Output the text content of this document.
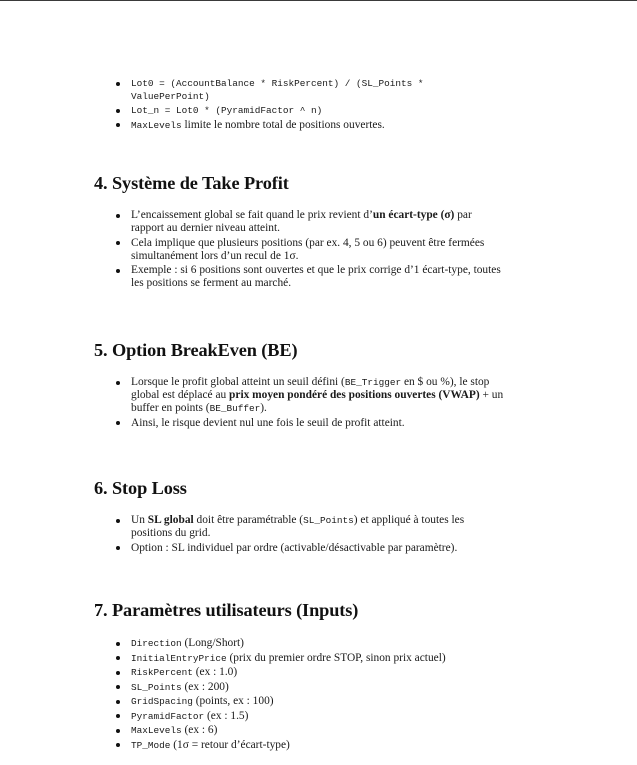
Lot0 = (AccountBalance * RiskPercent) / (SL_Points *
ValuePerPoint)
Lot_n = Lot0 * (PyramidFactor ^ n)
MaxLevels limite le nombre total de positions ouvertes.
4. Système de Take Profit
L’encaissement global se fait quand le prix revient d’un écart-type (σ) par
rapport au dernier niveau atteint.
Cela implique que plusieurs positions (par ex. 4, 5 ou 6) peuvent être fermées
simultanément lors d’un recul de 1σ.
Exemple : si 6 positions sont ouvertes et que le prix corrige d’1 écart-type, toutes
les positions se ferment au marché.
5. Option BreakEven (BE)
Lorsque le profit global atteint un seuil défini (BE_Trigger en $ ou %), le stop
global est déplacé au prix moyen pondéré des positions ouvertes (VWAP) + un
buffer en points (BE_Buffer).
Ainsi, le risque devient nul une fois le seuil de profit atteint.
6. Stop Loss
Un SL global doit être paramétrable (SL_Points) et appliqué à toutes les
positions du grid.
Option : SL individuel par ordre (activable/désactivable par paramètre).
7. Paramètres utilisateurs (Inputs)
Direction (Long/Short)
InitialEntryPrice (prix du premier ordre STOP, sinon prix actuel)
RiskPercent (ex : 1.0)
SL_Points (ex : 200)
GridSpacing (points, ex : 100)
PyramidFactor (ex : 1.5)
MaxLevels (ex : 6)
TP_Mode (1σ = retour d’écart-type)
